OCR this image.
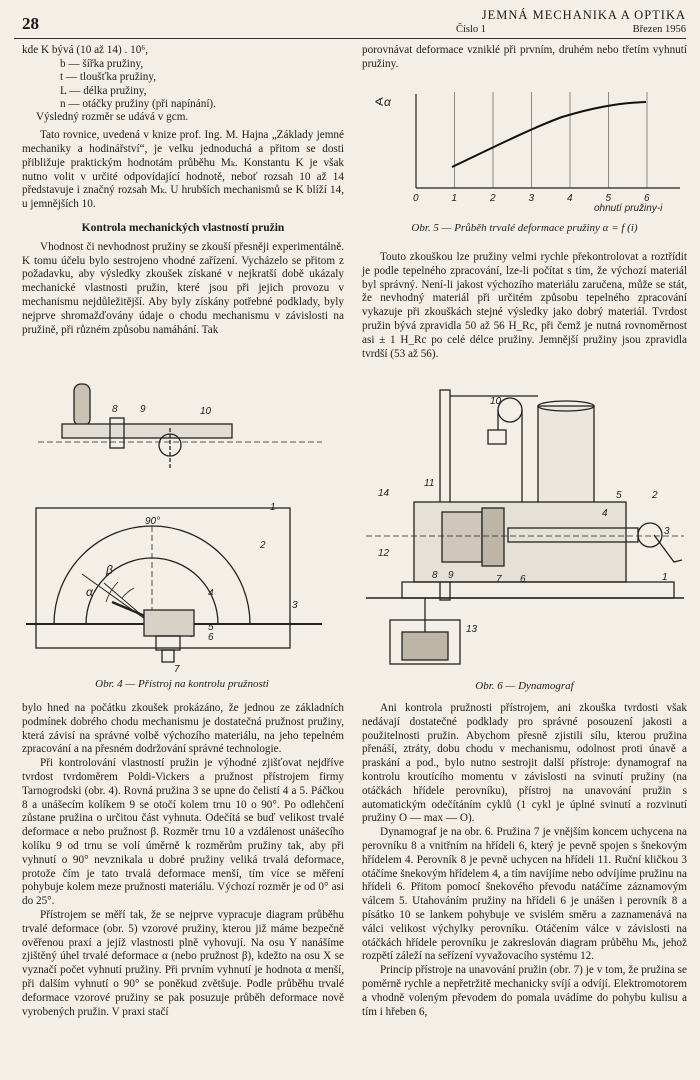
28	JEMNÁ MECHANIKA A OPTIKA
Číslo 1	Březen 1956

kde K bývá (10 až 14) . 10⁶,

b — šířka pružiny,
t — tloušťka pružiny,
L — délka pružiny,
n — otáčky pružiny (při napínání).

Výsledný rozměr se udává v gcm.

Tato rovnice, uvedená v knize prof. Ing. M. Hajna „Základy jemné mechaniky a hodinářství“, je velku jednoduchá a přitom se dosti přibližuje praktickým hodnotám průběhu Mₖ. Konstantu K je však nutno volit v určité odpovídající hodnotě, neboť rozsah 10 až 14 představuje i značný rozsah Mₖ. U hrubších mechanismů se K blíží 14, u jemnějších 10.

Kontrola mechanických vlastností pružin

Vhodnost či nevhodnost pružiny se zkouší přesněji experimentálně. K tomu účelu bylo sestrojeno vhodné zařízení. Vycházelo se přitom z požadavku, aby výsledky zkoušek získané v nejkratší době ukázaly mechanické vlastnosti pružin, které jsou při jejich provozu v mechanismu nejdůležitější. Aby byly získány potřebné podklady, byly nejprve shromažďovány údaje o chodu mechanismu v závislosti na pružině, při různém způsobu namáhání. Tak

porovnávat deformace vzniklé při prvním, druhém nebo třetím vyhnutí pružiny.

∢α
0	1	2	3	4	5	6
ohnutí pružiny-i
Obr. 5 — Průběh trvalé deformace pružiny α = f (i)

Touto zkouškou lze pružiny velmi rychle překontrolovat a roztřídit je podle tepelného zpracování, lze-li počítat s tím, že výchozí materiál byl správný. Není-li jakost výchozího materiálu zaručena, může se stát, že nevhodný materiál při určitém způsobu tepelného zpracování vykazuje při zkouškách stejné výsledky jako dobrý materiál. Tvrdost pružin bývá zpravidla 50 až 56 H_Rc, při čemž je nutná rovnoměrnost asi ± 1 H_Rc po celé délce pružiny. Jemnější pružiny jsou zpravidla tvrdší (53 až 56).

90°
β
α
1
2
3
4
5
6
7
8 9	10
Obr. 4 — Přístroj na kontrolu pružnosti
1
2
3
4
5
6
7
8 9
10
11
12
13
14
Obr. 6 — Dynamograf

bylo hned na počátku zkoušek prokázáno, že jednou ze základních podmínek dobrého chodu mechanismu je dostatečná pružnost pružiny, která závisí na správné volbě výchozího materiálu, na jeho tepelném zpracování a na přesném dodržování správné technologie.

Při kontrolování vlastností pružin je výhodné zjišťovat nejdříve tvrdost tvrdoměrem Poldi-Vickers a pružnost přístrojem firmy Tarnogrodski (obr. 4). Rovná pružina 3 se upne do čelistí 4 a 5. Páčkou 8 a unášecím kolíkem 9 se otočí kolem trnu 10 o 90°. Po odlehčení zůstane pružina o určitou část vyhnuta. Odečítá se buď velikost trvalé deformace α nebo pružnost β. Rozměr trnu 10 a vzdálenost unášecího kolíku 9 od trnu se volí úměrně k rozměrům pružiny tak, aby při vyhnutí o 90° nevznikala u dobré pružiny veliká trvalá deformace, protože čím je tato trvalá deformace menší, tím více se měření pohybuje kolem meze pružnosti materiálu. Výchozí rozměr je od 0° asi do 25°.

Přístrojem se měří tak, že se nejprve vypracuje diagram průběhu trvalé deformace (obr. 5) vzorové pružiny, kterou již máme bezpečně ověřenou praxí a jejíž vlastnosti plně vyhovují. Na osu Y nanášíme zjištěný úhel trvalé deformace α (nebo pružnost β), kdežto na osu X se vyznačí počet vyhnutí pružiny. Při prvním vyhnutí je hodnota α menší, při dalším vyhnutí o 90° se poněkud zvětšuje. Podle průběhu trvalé deformace vzorové pružiny se pak posuzuje průběh deformace nově vyrobených pružin. V praxi stačí

Ani kontrola pružnosti přístrojem, ani zkouška tvrdosti však nedávají dostatečné podklady pro správné posouzení jakosti a použitelnosti pružin. Abychom přesně zjistili sílu, kterou pružina přenáší, ztráty, dobu chodu v mechanismu, odolnost proti únavě a praskání a pod., bylo nutno sestrojit další přístroje: dynamograf na kontrolu kroutícího momentu v závislosti na svinutí pružiny (na otáčkách hřídele perovníku), přístroj na unavování pružin s automatickým odečítáním cyklů (1 cykl je úplné svinutí a rozvinutí pružiny O — max — O).

Dynamograf je na obr. 6. Pružina 7 je vnějším koncem uchycena na perovníku 8 a vnitřním na hřídeli 6, který je pevně spojen s šnekovým hřídelem 4. Perovník 8 je pevně uchycen na hřídeli 11. Ruční kličkou 3 otáčíme šnekovým hřídelem 4, a tím navíjíme nebo odvíjíme pružinu na hřídeli 6. Přitom pomocí šnekového převodu natáčíme záznamovým válcem 5. Utahováním pružiny na hřídeli 6 je unášen i perovník 8 a písátko 10 se lankem pohybuje ve svislém směru a zaznamenává na válci velikost výchylky perovníku. Otáčením válce v závislosti na otáčkách hřídele perovníku je zakreslován diagram průběhu Mₖ, jehož rozpětí záleží na seřízení vyvažovacího systému 12.

Princip přístroje na unavování pružin (obr. 7) je v tom, že pružina se poměrně rychle a nepřetržitě mechanicky svíjí a odvíjí. Elektromotorem a vhodně voleným převodem do pomala uvádíme do pohybu kulisu a tím i hřeben 6,
